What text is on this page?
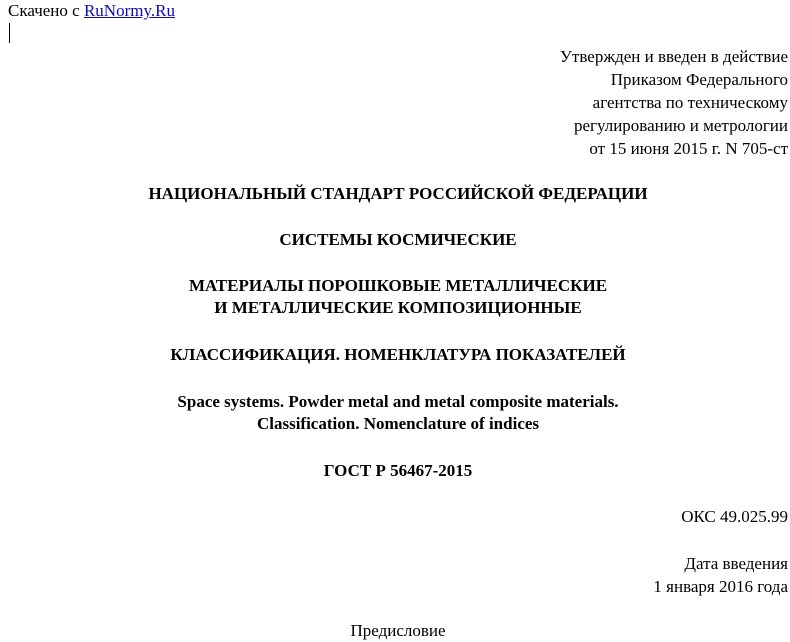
Скачено с RuNormy.Ru
Утвержден и введен в действие
Приказом Федерального
агентства по техническому
регулированию и метрологии
от 15 июня 2015 г. N 705-ст
НАЦИОНАЛЬНЫЙ СТАНДАРТ РОССИЙСКОЙ ФЕДЕРАЦИИ
СИСТЕМЫ КОСМИЧЕСКИЕ
МАТЕРИАЛЫ ПОРОШКОВЫЕ МЕТАЛЛИЧЕСКИЕ
И МЕТАЛЛИЧЕСКИЕ КОМПОЗИЦИОННЫЕ
КЛАССИФИКАЦИЯ. НОМЕНКЛАТУРА ПОКАЗАТЕЛЕЙ
Space systems. Powder metal and metal composite materials.
Classification. Nomenclature of indices
ГОСТ Р 56467-2015
ОКС 49.025.99
Дата введения
1 января 2016 года
Предисловие
